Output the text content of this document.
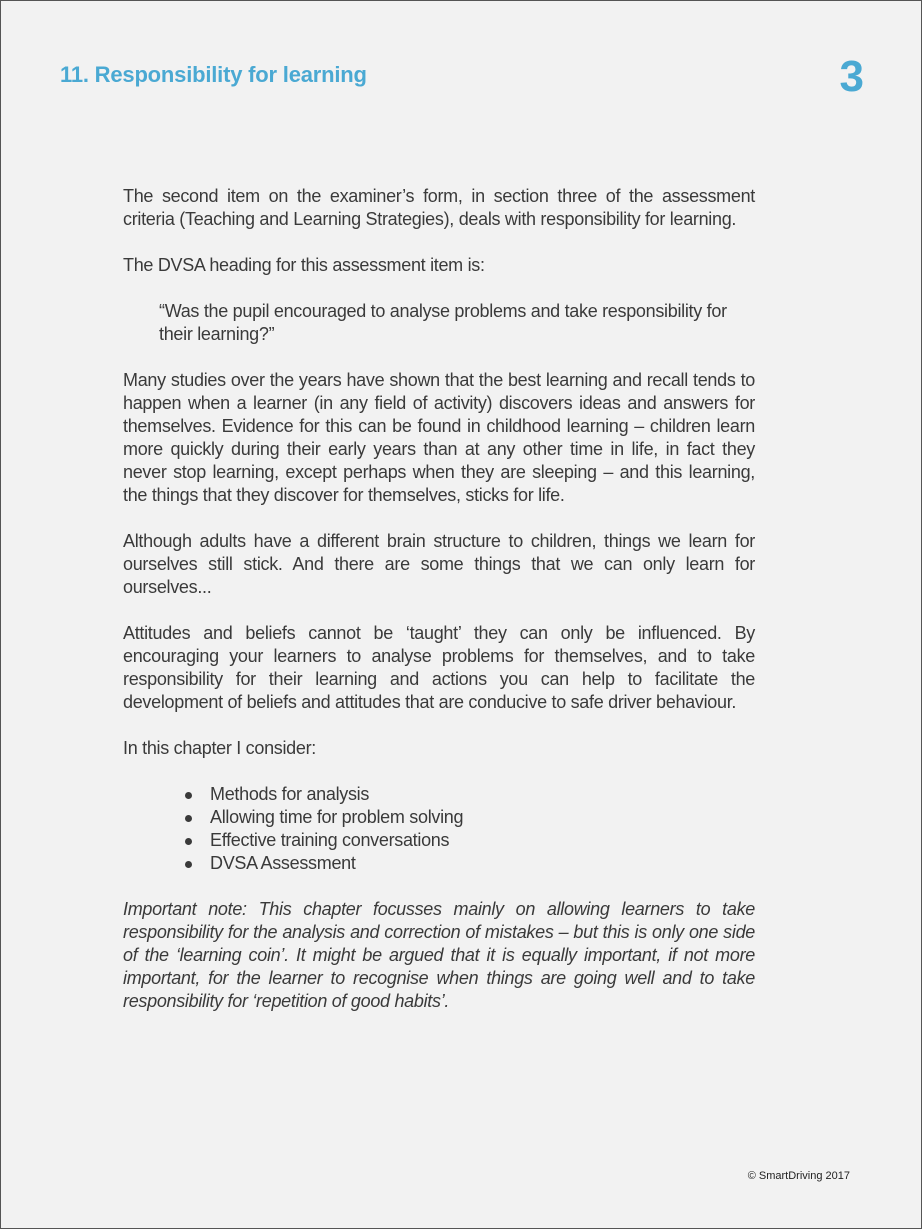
11. Responsibility for learning	3

The second item on the examiner’s form, in section three of the assessment criteria (Teaching and Learning Strategies), deals with responsibility for learning.

The DVSA heading for this assessment item is:

“Was the pupil encouraged to analyse problems and take responsibility for their learning?”

Many studies over the years have shown that the best learning and recall tends to happen when a learner (in any field of activity) discovers ideas and answers for themselves. Evidence for this can be found in childhood learning – children learn more quickly during their early years than at any other time in life, in fact they never stop learning, except perhaps when they are sleeping – and this learning, the things that they discover for themselves, sticks for life.

Although adults have a different brain structure to children, things we learn for ourselves still stick. And there are some things that we can only learn for ourselves...

Attitudes and beliefs cannot be ‘taught’ they can only be influenced. By encouraging your learners to analyse problems for themselves, and to take responsibility for their learning and actions you can help to facilitate the development of beliefs and attitudes that are conducive to safe driver behaviour.

In this chapter I consider:

Methods for analysis
Allowing time for problem solving
Effective training conversations
DVSA Assessment

Important note: This chapter focusses mainly on allowing learners to take responsibility for the analysis and correction of mistakes – but this is only one side of the ‘learning coin’. It might be argued that it is equally important, if not more important, for the learner to recognise when things are going well and to take responsibility for ‘repetition of good habits’.

© SmartDriving 2017
